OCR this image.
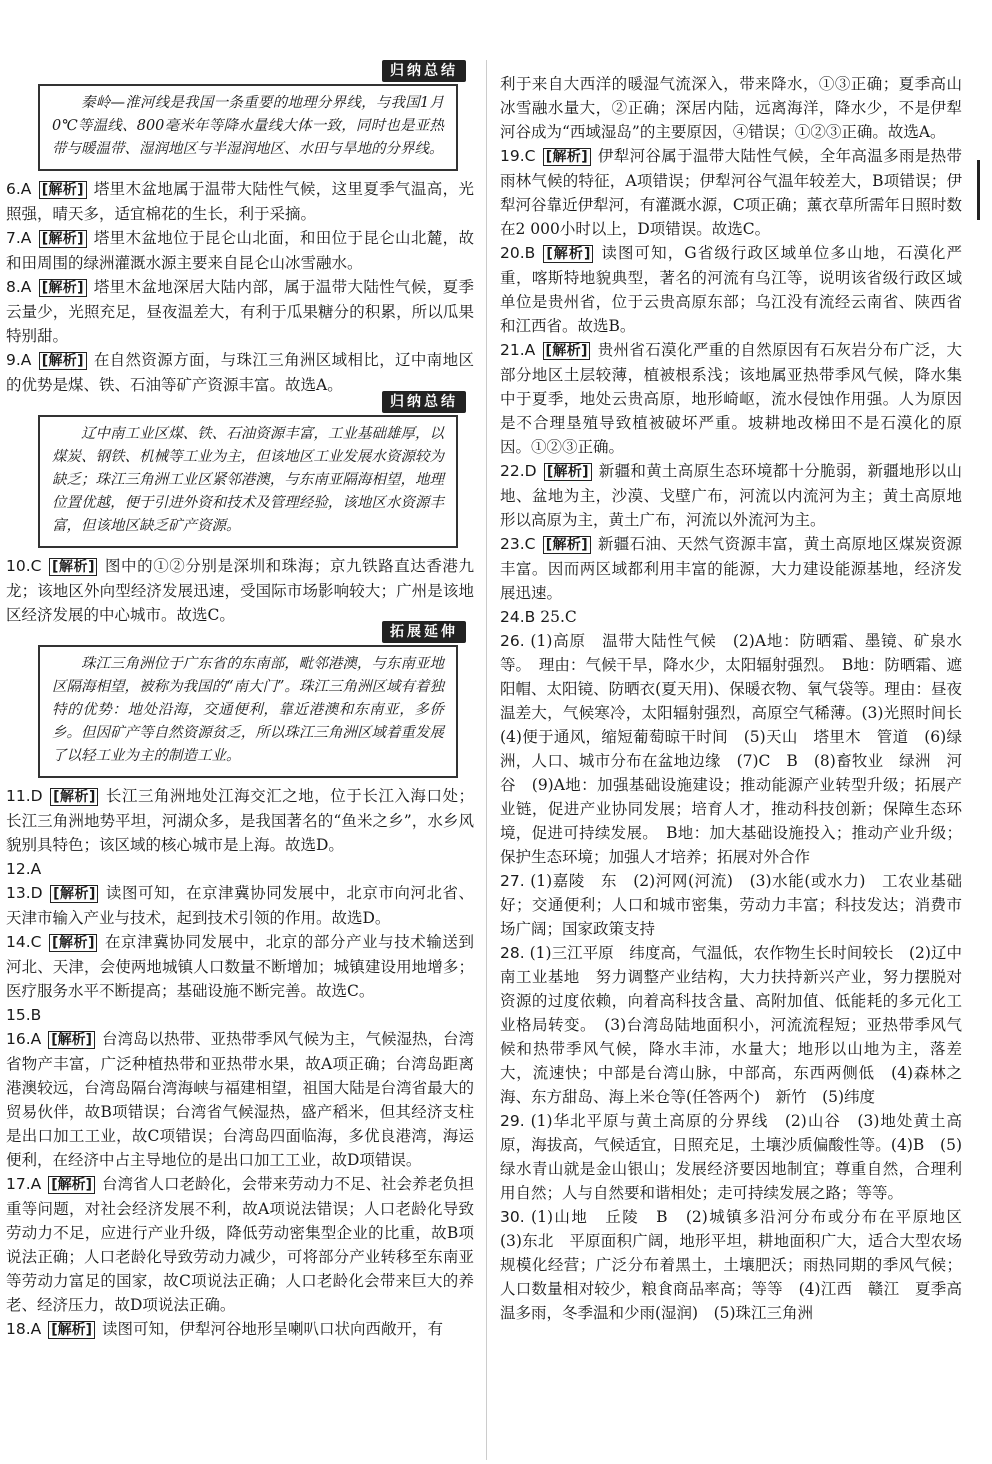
归纳总结
秦岭—淮河线是我国一条重要的地理分界线，与我国1月0℃等温线、800毫米年等降水量线大体一致，同时也是亚热带与暖温带、湿润地区与半湿润地区、水田与旱地的分界线。

6.A [解析] 塔里木盆地属于温带大陆性气候，这里夏季气温高，光照强，晴天多，适宜棉花的生长，利于采摘。

7.A [解析] 塔里木盆地位于昆仑山北面，和田位于昆仑山北麓，故和田周围的绿洲灌溉水源主要来自昆仑山冰雪融水。

8.A [解析] 塔里木盆地深居大陆内部，属于温带大陆性气候，夏季云量少，光照充足，昼夜温差大，有利于瓜果糖分的积累，所以瓜果特别甜。

9.A [解析] 在自然资源方面，与珠江三角洲区域相比，辽中南地区的优势是煤、铁、石油等矿产资源丰富。故选A。

归纳总结
辽中南工业区煤、铁、石油资源丰富，工业基础雄厚，以煤炭、钢铁、机械等工业为主，但该地区工业发展水资源较为缺乏；珠江三角洲工业区紧邻港澳，与东南亚隔海相望，地理位置优越，便于引进外资和技术及管理经验，该地区水资源丰富，但该地区缺乏矿产资源。

10.C [解析] 图中的①②分别是深圳和珠海；京九铁路直达香港九龙；该地区外向型经济发展迅速，受国际市场影响较大；广州是该地区经济发展的中心城市。故选C。

拓展延伸
珠江三角洲位于广东省的东南部，毗邻港澳，与东南亚地区隔海相望，被称为我国的“南大门”。珠江三角洲区域有着独特的优势：地处沿海，交通便利，靠近港澳和东南亚，多侨乡。但因矿产等自然资源贫乏，所以珠江三角洲区域着重发展了以轻工业为主的制造工业。

11.D [解析] 长江三角洲地处江海交汇之地，位于长江入海口处；长江三角洲地势平坦，河湖众多，是我国著名的“鱼米之乡”，水乡风貌别具特色；该区域的核心城市是上海。故选D。

12.A

13.D [解析] 读图可知，在京津冀协同发展中，北京市向河北省、天津市输入产业与技术，起到技术引领的作用。故选D。

14.C [解析] 在京津冀协同发展中，北京的部分产业与技术输送到河北、天津，会使两地城镇人口数量不断增加；城镇建设用地增多；医疗服务水平不断提高；基础设施不断完善。故选C。

15.B

16.A [解析] 台湾岛以热带、亚热带季风气候为主，气候湿热，台湾省物产丰富，广泛种植热带和亚热带水果，故A项正确；台湾岛距离港澳较远，台湾岛隔台湾海峡与福建相望，祖国大陆是台湾省最大的贸易伙伴，故B项错误；台湾省气候湿热，盛产稻米，但其经济支柱是出口加工工业，故C项错误；台湾岛四面临海，多优良港湾，海运便利，在经济中占主导地位的是出口加工工业，故D项错误。

17.A [解析] 台湾省人口老龄化，会带来劳动力不足、社会养老负担重等问题，对社会经济发展不利，故A项说法错误；人口老龄化导致劳动力不足，应进行产业升级，降低劳动密集型企业的比重，故B项说法正确；人口老龄化导致劳动力减少，可将部分产业转移至东南亚等劳动力富足的国家，故C项说法正确；人口老龄化会带来巨大的养老、经济压力，故D项说法正确。

18.A [解析] 读图可知，伊犁河谷地形呈喇叭口状向西敞开，有

利于来自大西洋的暖湿气流深入，带来降水，①③正确；夏季高山冰雪融水量大，②正确；深居内陆，远离海洋，降水少，不是伊犁河谷成为“西域湿岛”的主要原因，④错误；①②③正确。故选A。

19.C [解析] 伊犁河谷属于温带大陆性气候，全年高温多雨是热带雨林气候的特征，A项错误；伊犁河谷气温年较差大，B项错误；伊犁河谷靠近伊犁河，有灌溉水源，C项正确；薰衣草所需年日照时数在2 000小时以上，D项错误。故选C。

20.B [解析] 读图可知，G省级行政区域单位多山地，石漠化严重，喀斯特地貌典型，著名的河流有乌江等，说明该省级行政区域单位是贵州省，位于云贵高原东部；乌江没有流经云南省、陕西省和江西省。故选B。

21.A [解析] 贵州省石漠化严重的自然原因有石灰岩分布广泛，大部分地区土层较薄，植被根系浅；该地属亚热带季风气候，降水集中于夏季，地处云贵高原，地形崎岖，流水侵蚀作用强。人为原因是不合理垦殖导致植被破坏严重。坡耕地改梯田不是石漠化的原因。①②③正确。

22.D [解析] 新疆和黄土高原生态环境都十分脆弱，新疆地形以山地、盆地为主，沙漠、戈壁广布，河流以内流河为主；黄土高原地形以高原为主，黄土广布，河流以外流河为主。

23.C [解析] 新疆石油、天然气资源丰富，黄土高原地区煤炭资源丰富。因而两区域都利用丰富的能源，大力建设能源基地，经济发展迅速。

24.B 25.C

26. (1)高原　温带大陆性气候　(2)A地：防晒霜、墨镜、矿泉水等。　理由：气候干旱，降水少，太阳辐射强烈。　B地：防晒霜、遮阳帽、太阳镜、防晒衣(夏天用)、保暖衣物、氧气袋等。理由：昼夜温差大，气候寒冷，太阳辐射强烈，高原空气稀薄。(3)光照时间长　(4)便于通风，缩短葡萄晾干时间　(5)天山　塔里木　管道　(6)绿洲，人口、城市分布在盆地边缘　(7)C　B　(8)畜牧业　绿洲　河谷　(9)A地：加强基础设施建设；推动能源产业转型升级；拓展产业链，促进产业协同发展；培育人才，推动科技创新；保障生态环境，促进可持续发展。　B地：加大基础设施投入；推动产业升级；保护生态环境；加强人才培养；拓展对外合作

27. (1)嘉陵　东　(2)河网(河流)　(3)水能(或水力)　工农业基础好；交通便利；人口和城市密集，劳动力丰富；科技发达；消费市场广阔；国家政策支持

28. (1)三江平原　纬度高，气温低，农作物生长时间较长　(2)辽中南工业基地　努力调整产业结构，大力扶持新兴产业，努力摆脱对资源的过度依赖，向着高科技含量、高附加值、低能耗的多元化工业格局转变。　(3)台湾岛陆地面积小，河流流程短；亚热带季风气候和热带季风气候，降水丰沛，水量大；地形以山地为主，落差大，流速快；中部是台湾山脉，中部高，东西两侧低　(4)森林之海、东方甜岛、海上米仓等(任答两个)　新竹　(5)纬度

29. (1)华北平原与黄土高原的分界线　(2)山谷　(3)地处黄土高原，海拔高，气候适宜，日照充足，土壤沙质偏酸性等。(4)B　(5)绿水青山就是金山银山；发展经济要因地制宜；尊重自然，合理利用自然；人与自然要和谐相处；走可持续发展之路；等等。

30. (1)山地　丘陵　B　(2)城镇多沿河分布或分布在平原地区　(3)东北　平原面积广阔，地形平坦，耕地面积广大，适合大型农场规模化经营；广泛分布着黑土，土壤肥沃；雨热同期的季风气候；人口数量相对较少，粮食商品率高；等等　(4)江西　赣江　夏季高温多雨，冬季温和少雨(湿润)　(5)珠江三角洲
